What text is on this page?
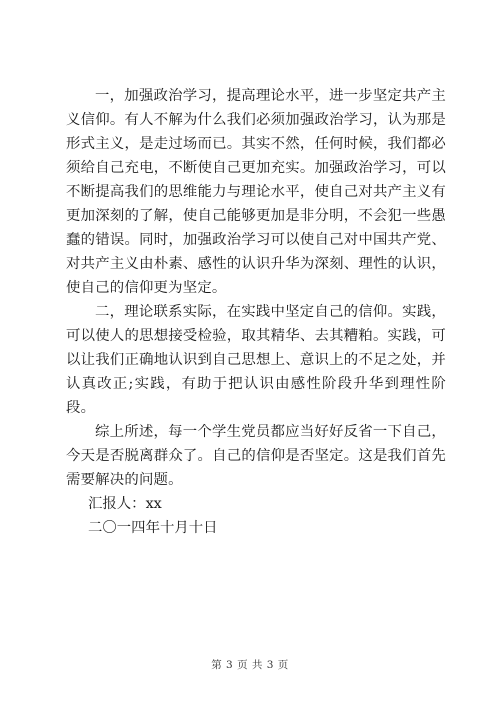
一，加强政治学习，提高理论水平，进一步坚定共产主义信仰。有人不解为什么我们必须加强政治学习，认为那是形式主义，是走过场而已。其实不然，任何时候，我们都必须给自己充电，不断使自己更加充实。加强政治学习，可以不断提高我们的思维能力与理论水平，使自己对共产主义有更加深刻的了解，使自己能够更加是非分明，不会犯一些愚蠢的错误。同时，加强政治学习可以使自己对中国共产党、对共产主义由朴素、感性的认识升华为深刻、理性的认识，使自己的信仰更为坚定。

二，理论联系实际，在实践中坚定自己的信仰。实践，可以使人的思想接受检验，取其精华、去其糟粕。实践，可以让我们正确地认识到自己思想上、意识上的不足之处，并认真改正;实践，有助于把认识由感性阶段升华到理性阶段。

综上所述，每一个学生党员都应当好好反省一下自己，今天是否脱离群众了。自己的信仰是否坚定。这是我们首先需要解决的问题。

汇报人：xx

二〇一四年十月十日

第 3 页 共 3 页
